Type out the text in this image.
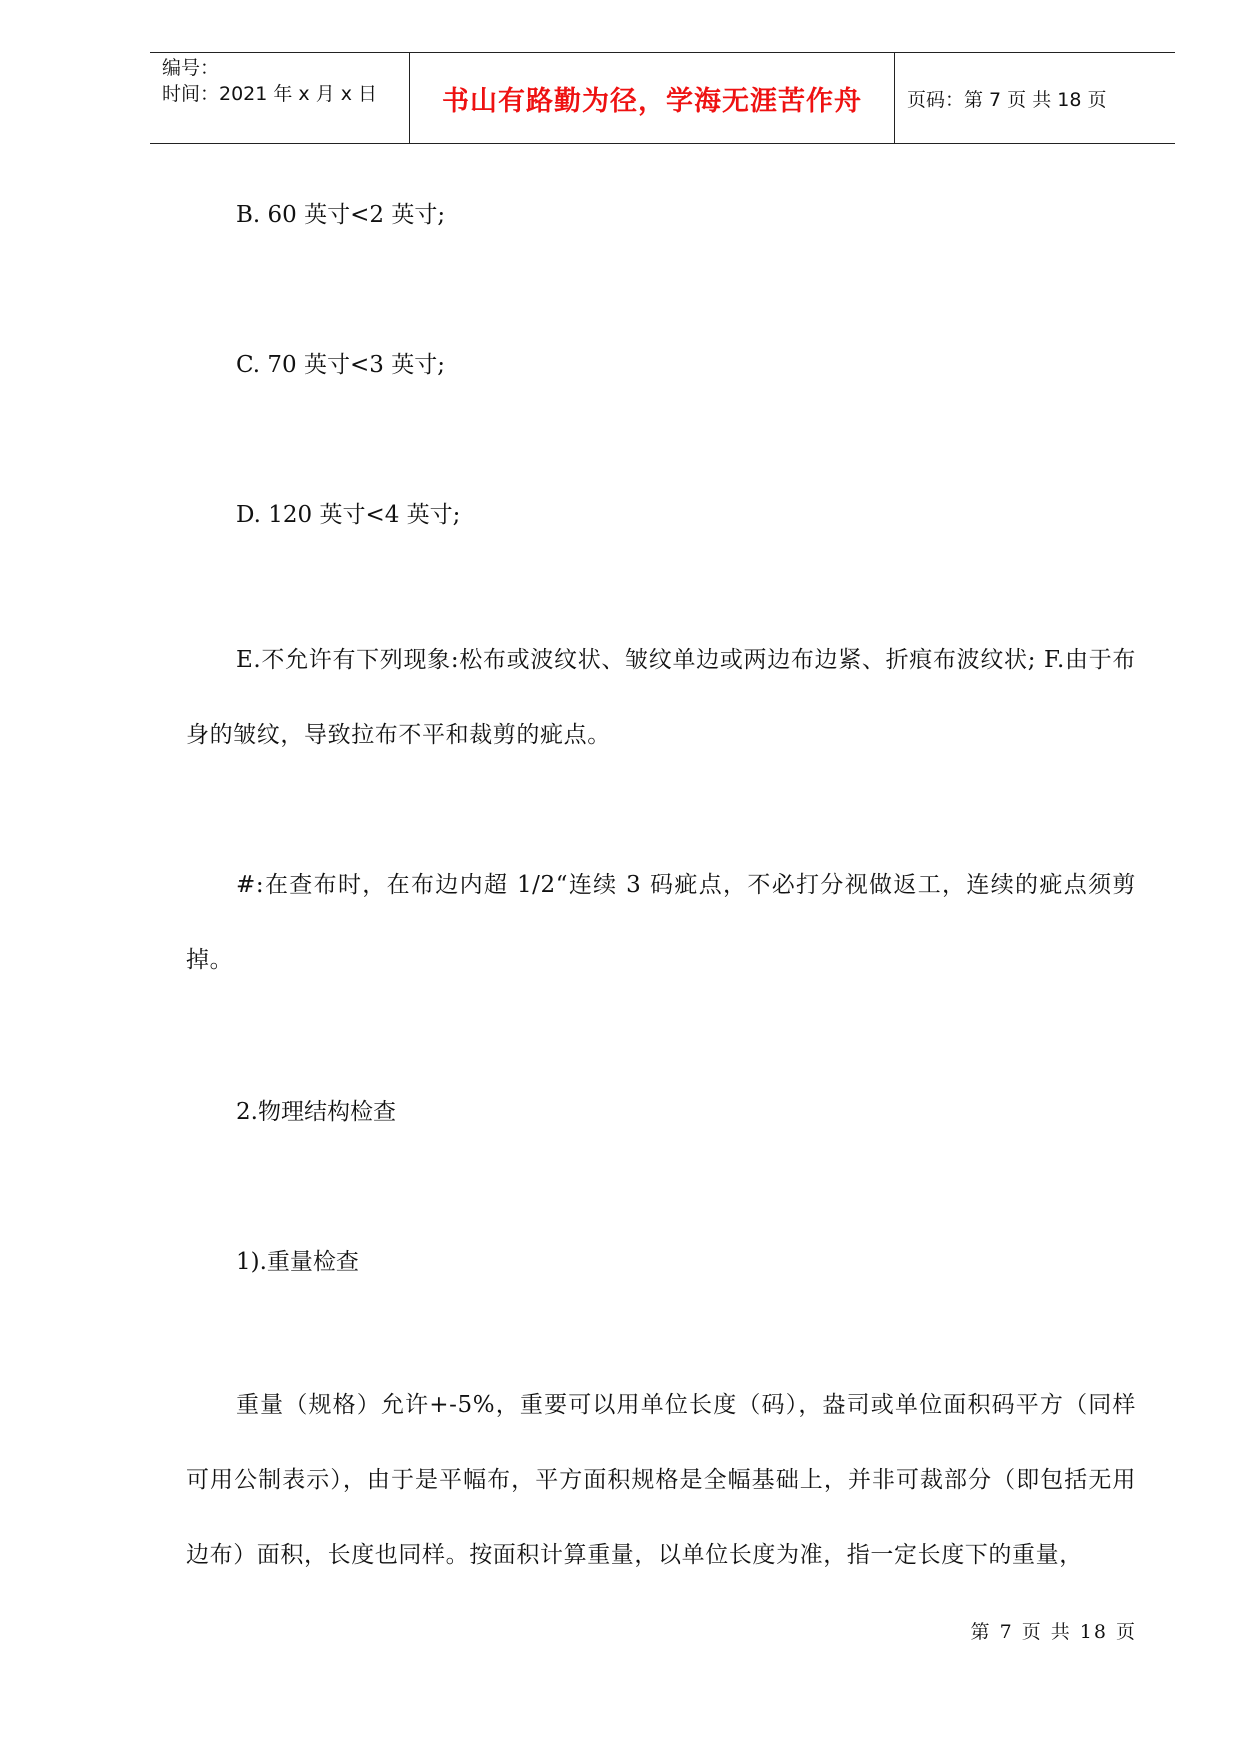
编号：
时间：2021 年 x 月 x 日	书山有路勤为径，学海无涯苦作舟 页码：第 7 页 共 18 页
B. 60 英寸<2 英寸;
C. 70 英寸<3 英寸;
D. 120 英寸<4 英寸;
E.不允许有下列现象:松布或波纹状、皱纹单边或两边布边紧、折痕布波纹状; F.由于布身的皱纹，导致拉布不平和裁剪的疵点。
#:在查布时，在布边内超 1/2“连续 3 码疵点，不必打分视做返工，连续的疵点须剪掉。
2.物理结构检查
1).重量检查
重量（规格）允许+-5%，重要可以用单位长度（码），盎司或单位面积码平方（同样可用公制表示），由于是平幅布，平方面积规格是全幅基础上，并非可裁部分（即包括无用边布）面积，长度也同样。按面积计算重量，以单位长度为准，指一定长度下的重量，
第 7 页 共 18 页
